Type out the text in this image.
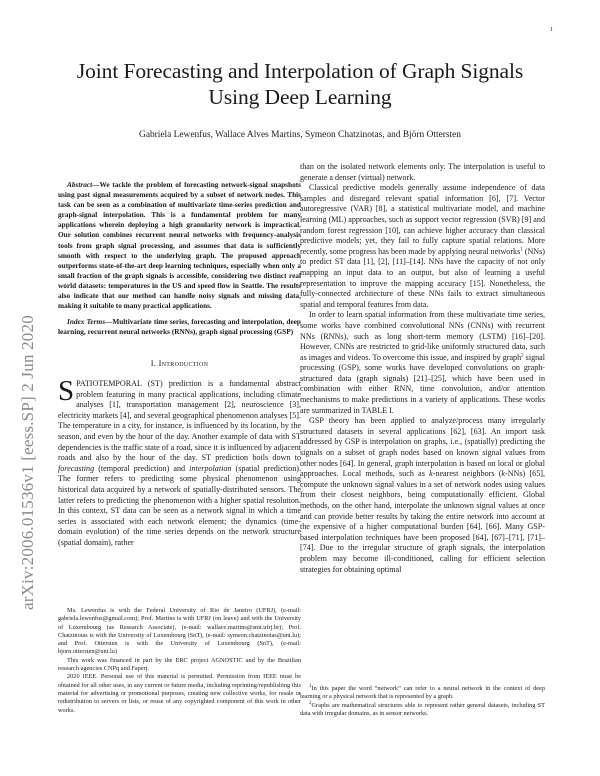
1
Joint Forecasting and Interpolation of Graph Signals
Using Deep Learning
Gabriela Lewenfus, Wallace Alves Martins, Symeon Chatzinotas, and Björn Ottersten
arXiv:2006.01536v1 [eess.SP] 2 Jun 2020

Abstract—We tackle the problem of forecasting network-signal snapshots using past signal measurements acquired by a subset of network nodes. This task can be seen as a combination of multivariate time-series prediction and graph-signal interpolation. This is a fundamental problem for many applications wherein deploying a high granularity network is impractical. Our solution combines recurrent neural networks with frequency-analysis tools from graph signal processing, and assumes that data is sufficiently smooth with respect to the underlying graph. The proposed approach outperforms state-of-the-art deep learning techniques, especially when only a small fraction of the graph signals is accessible, considering two distinct real world datasets: temperatures in the US and speed flow in Seattle. The results also indicate that our method can handle noisy signals and missing data, making it suitable to many practical applications.

Index Terms—Multivariate time series, forecasting and interpolation, deep learning, recurrent neural networks (RNNs), graph signal processing (GSP)

I. Introduction

SPATIOTEMPORAL (ST) prediction is a fundamental abstract problem featuring in many practical applications, including climate analyses [1], transportation management [2], neuroscience [3], electricity markets [4], and several geographical phenomenon analyses [5]. The temperature in a city, for instance, is influenced by its location, by the season, and even by the hour of the day. Another example of data with ST dependencies is the traffic state of a road, since it is influenced by adjacent roads and also by the hour of the day. ST prediction boils down to forecasting (temporal prediction) and interpolation (spatial prediction). The former refers to predicting some physical phenomenon using historical data acquired by a network of spatially-distributed sensors. The latter refers to predicting the phenomenon with a higher spatial resolution. In this context, ST data can be seen as a network signal in which a time series is associated with each network element; the dynamics (time-domain evolution) of the time series depends on the network structure (spatial domain), rather

Ms. Lewenfus is with the Federal University of Rio de Janeiro (UFRJ), (e-mail: gabriela.lewenfus@gmail.com); Prof. Martins is with UFRJ (on leave) and with the University of Luxembourg (as Research Associate), (e-mail: wallace.martins@smt.ufrj.br); Prof. Chatzinotas is with the University of Luxembourg (SnT), (e-mail: symeon.chatzinotas@uni.lu); and Prof. Ottersten is with the University of Luxembourg (SnT), (e-mail: bjorn.ottersten@uni.lu)

This work was financed in part by the ERC project AGNOSTIC and by the Brazilian research agencies CNPq and Faperj.

2020 IEEE. Personal use of this material is permitted. Permission from IEEE must be obtained for all other uses, in any current or future media, including reprinting/republishing this material for advertising or promotional purposes, creating new collective works, for resale or redistribution to servers or lists, or reuse of any copyrighted component of this work in other works.

than on the isolated network elements only. The interpolation is useful to generate a denser (virtual) network.

Classical predictive models generally assume independence of data samples and disregard relevant spatial information [6], [7]. Vector autoregressive (VAR) [8], a statistical multivariate model, and machine learning (ML) approaches, such as support vector regression (SVR) [9] and random forest regression [10], can achieve higher accuracy than classical predictive models; yet, they fail to fully capture spatial relations. More recently, some progress has been made by applying neural networks$^1$ (NNs) to predict ST data [1], [2], [11]–[14]. NNs have the capacity of not only mapping an input data to an output, but also of learning a useful representation to improve the mapping accuracy [15]. Nonetheless, the fully-connected architecture of these NNs fails to extract simultaneous spatial and temporal features from data.

In order to learn spatial information from these multivariate time series, some works have combined convolutional NNs (CNNs) with recurrent NNs (RNNs), such as long short-term memory (LSTM) [16]–[20]. However, CNNs are restricted to grid-like uniformly structured data, such as images and videos. To overcome this issue, and inspired by graph$^2$ signal processing (GSP), some works have developed convolutions on graph-structured data (graph signals) [21]–[25], which have been used in combination with either RNN, time convolution, and/or attention mechanisms to make predictions in a variety of applications. These works are summarized in TABLE I.

GSP theory has been applied to analyze/process many irregularly structured datasets in several applications [62], [63]. An import task addressed by GSP is interpolation on graphs, i.e., (spatially) predicting the signals on a subset of graph nodes based on known signal values from other nodes [64]. In general, graph interpolation is based on local or global approaches. Local methods, such as k-nearest neighbors (k-NNs) [65], compute the unknown signal values in a set of network nodes using values from their closest neighbors, being computationally efficient. Global methods, on the other hand, interpolate the unknown signal values at once and can provide better results by taking the entire network into account at the expensive of a higher computational burden [64], [66]. Many GSP-based interpolation techniques have been proposed [64], [67]–[71], [71]–[74]. Due to the irregular structure of graph signals, the interpolation problem may become ill-conditioned, calling for efficient selection strategies for obtaining optimal

$^1$In this paper the word “network” can refer to a neural network in the context of deep learning or a physical network that is represented by a graph.

$^2$Graphs are mathematical structures able to represent rather general datasets, including ST data with irregular domains, as in sensor networks.
